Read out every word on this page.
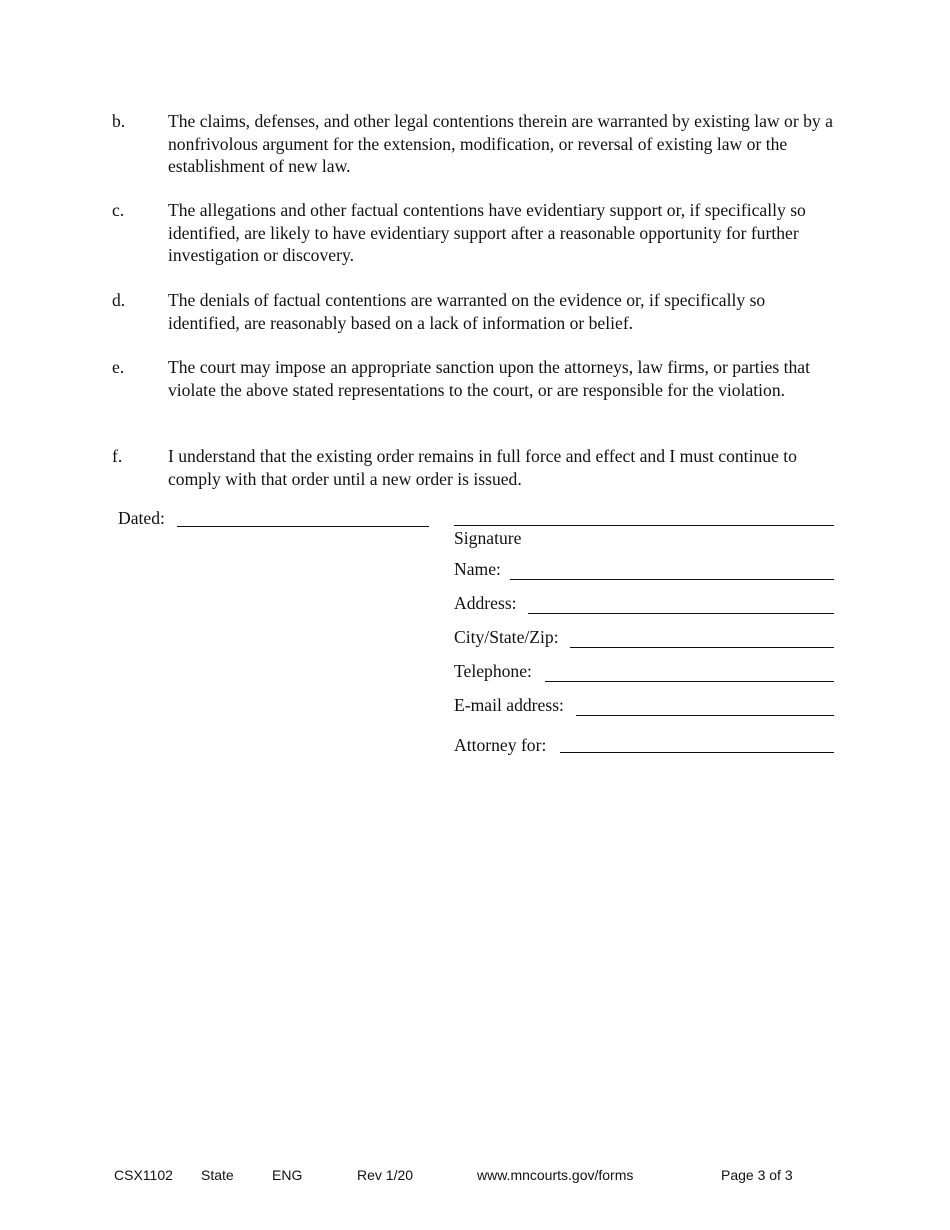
b. The claims, defenses, and other legal contentions therein are warranted by existing law or by a nonfrivolous argument for the extension, modification, or reversal of existing law or the establishment of new law.
c. The allegations and other factual contentions have evidentiary support or, if specifically so identified, are likely to have evidentiary support after a reasonable opportunity for further investigation or discovery.
d. The denials of factual contentions are warranted on the evidence or, if specifically so identified, are reasonably based on a lack of information or belief.
e. The court may impose an appropriate sanction upon the attorneys, law firms, or parties that violate the above stated representations to the court, or are responsible for the violation.
f.	I understand that the existing order remains in full force and effect and I must continue to comply with that order until a new order is issued.
Dated:
Signature
Name:
Address:
City/State/Zip:
Telephone:
E-mail address:
Attorney for:
CSX1102 State	ENG	Rev 1/20	www.mncourts.gov/forms	Page 3 of 3
